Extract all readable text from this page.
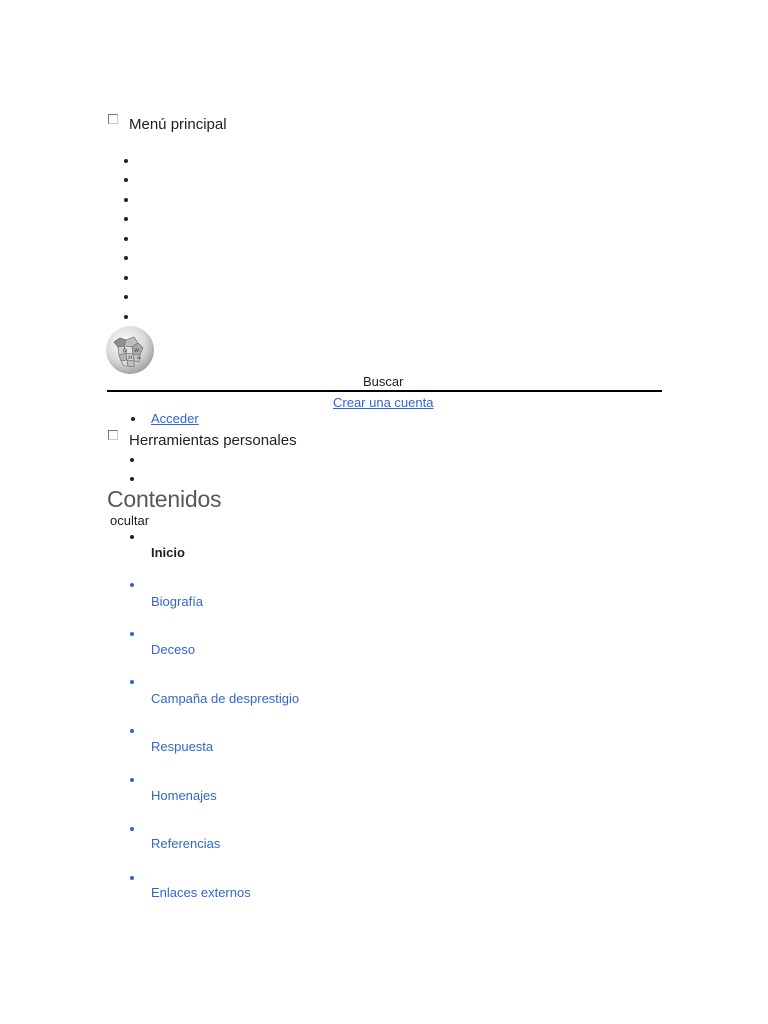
Menú principal
Ω W
И ω
Buscar
Crear una cuenta
Acceder
Herramientas personales
Contenidos
ocultar
Inicio
Biografía
Deceso
Campaña de desprestigio
Respuesta
Homenajes
Referencias
Enlaces externos
